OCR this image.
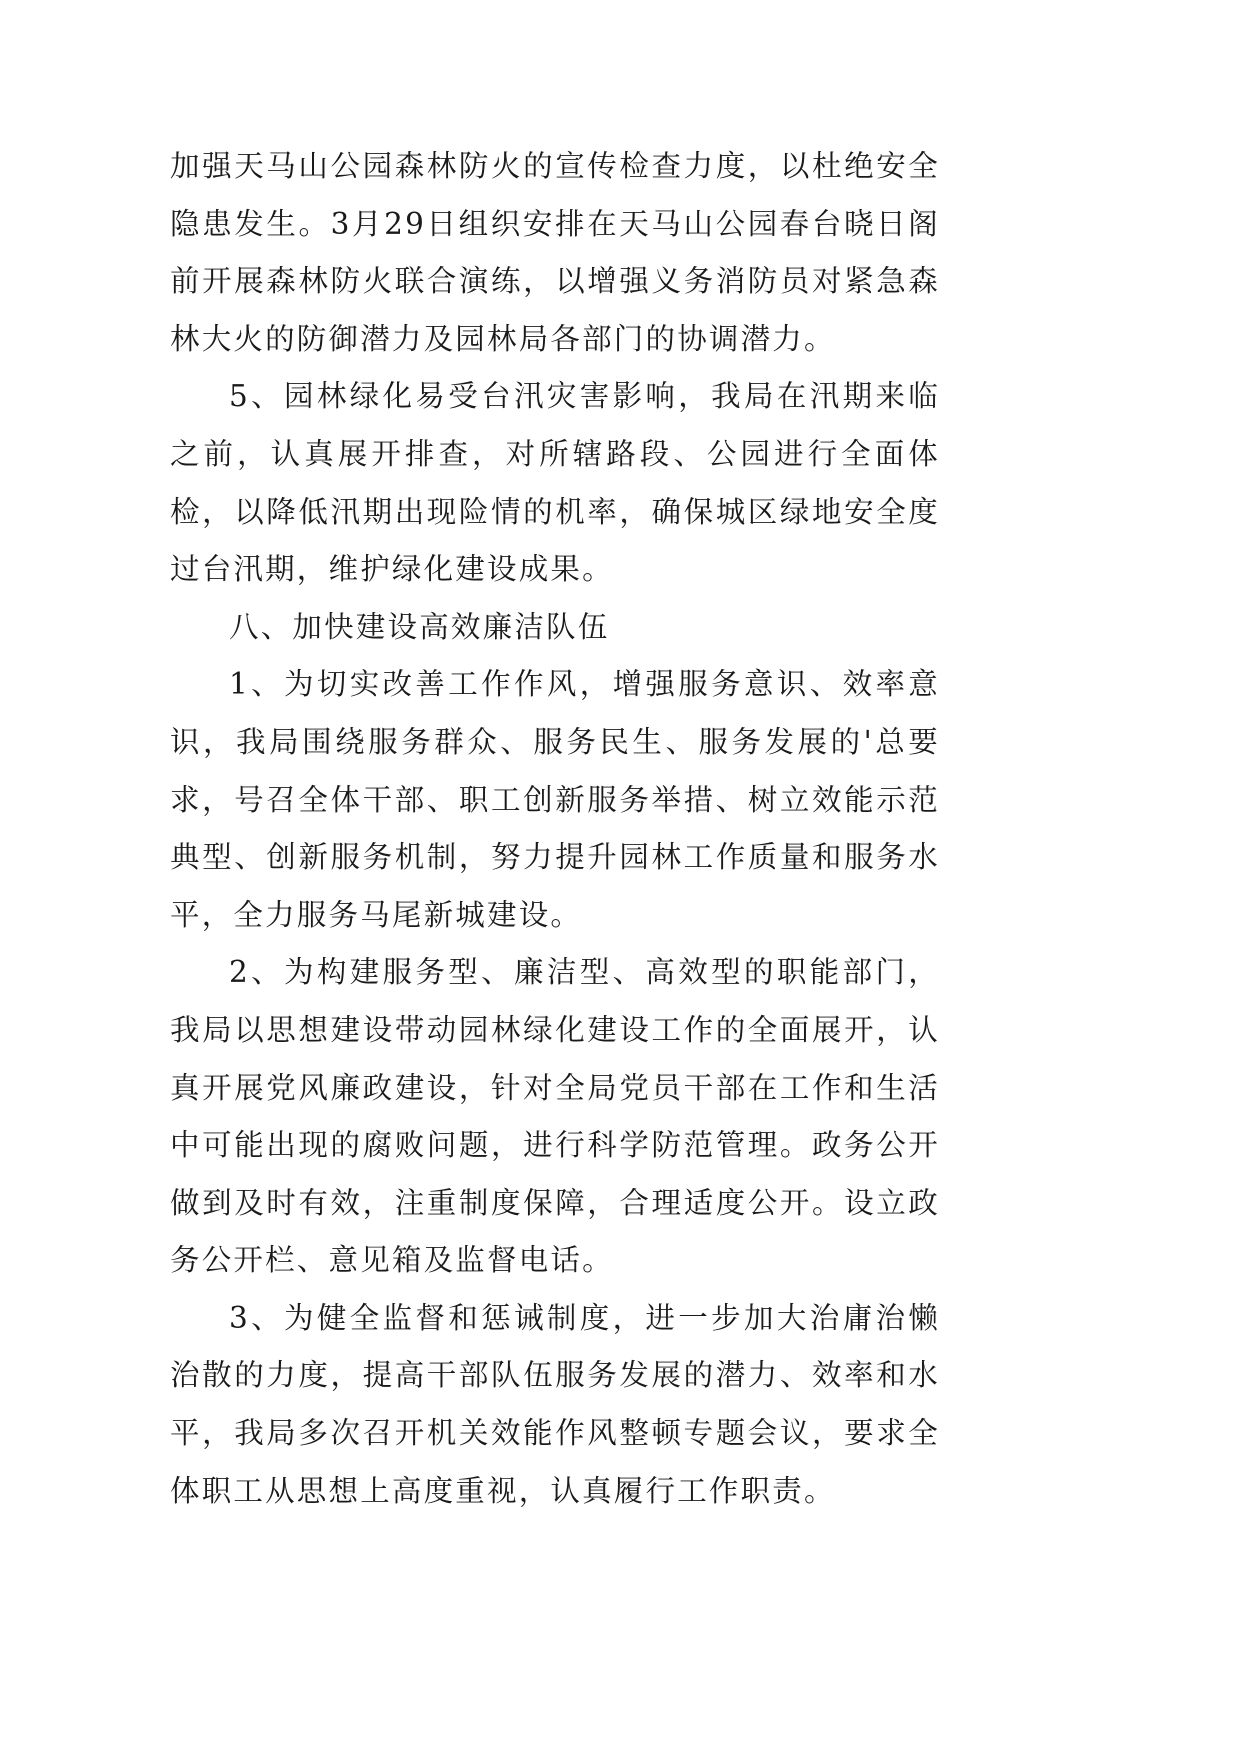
加强天马山公园森林防火的宣传检查力度，以杜绝安全隐患发生。3月29日组织安排在天马山公园春台晓日阁前开展森林防火联合演练，以增强义务消防员对紧急森林大火的防御潜力及园林局各部门的协调潜力。

5、园林绿化易受台汛灾害影响，我局在汛期来临之前，认真展开排查，对所辖路段、公园进行全面体检，以降低汛期出现险情的机率，确保城区绿地安全度过台汛期，维护绿化建设成果。

八、加快建设高效廉洁队伍

1、为切实改善工作作风，增强服务意识、效率意识，我局围绕服务群众、服务民生、服务发展的'总要求，号召全体干部、职工创新服务举措、树立效能示范典型、创新服务机制，努力提升园林工作质量和服务水平，全力服务马尾新城建设。

2、为构建服务型、廉洁型、高效型的职能部门，我局以思想建设带动园林绿化建设工作的全面展开，认真开展党风廉政建设，针对全局党员干部在工作和生活中可能出现的腐败问题，进行科学防范管理。政务公开做到及时有效，注重制度保障，合理适度公开。设立政务公开栏、意见箱及监督电话。

3、为健全监督和惩诫制度，进一步加大治庸治懒治散的力度，提高干部队伍服务发展的潜力、效率和水平，我局多次召开机关效能作风整顿专题会议，要求全体职工从思想上高度重视，认真履行工作职责。
